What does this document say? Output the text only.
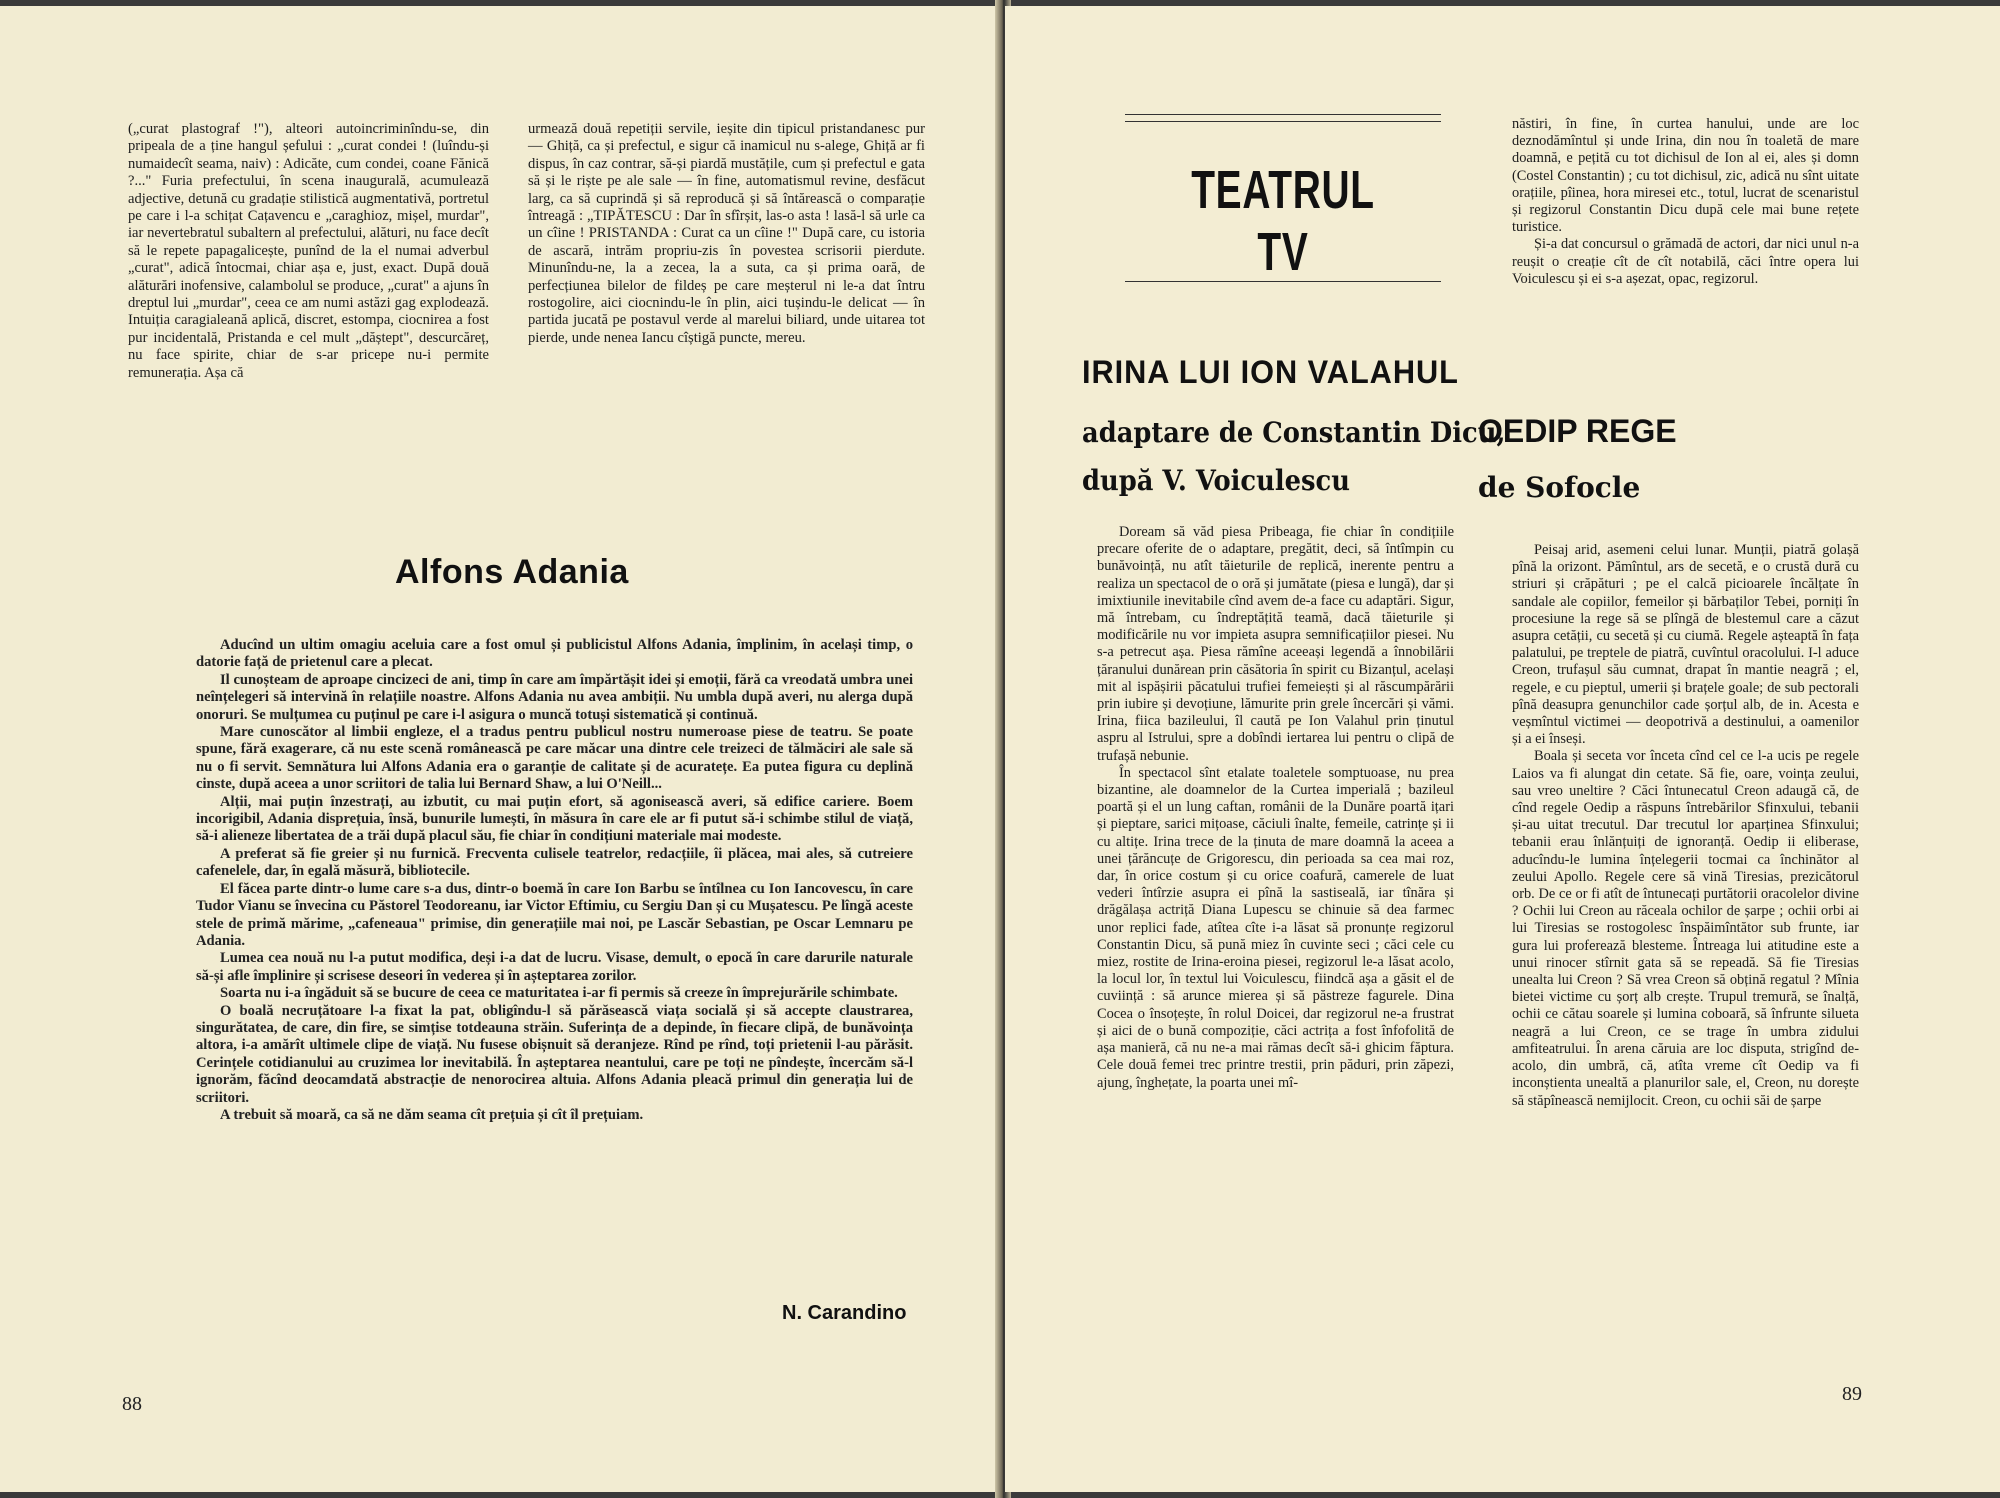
(„curat plastograf !"), alteori autoincriminîndu-se, din pripeala de a ține hangul șefului : „curat condei ! (luîndu-și numaidecît seama, naiv) : Adicăte, cum condei, coane Fănică ?..." Furia prefectului, în scena inaugurală, acumulează adjective, detună cu gradație stilistică augmentativă, portretul pe care i l-a schițat Cațavencu e „caraghioz, mișel, murdar", iar nevertebratul subaltern al prefectului, alături, nu face decît să le repete papagalicește, punînd de la el numai adverbul „curat", adică întocmai, chiar așa e, just, exact. După două alăturări inofensive, calambolul se produce, „curat" a ajuns în dreptul lui „murdar", ceea ce am numi astăzi gag explodează. Intuiția caragialeană aplică, discret, estompa, ciocnirea a fost pur incidentală, Pristanda e cel mult „dăștept", descurcăreț, nu face spirite, chiar de s-ar pricepe nu-i permite remunerația. Așa că

urmează două repetiții servile, ieșite din tipicul pristandanesc pur — Ghiță, ca și prefectul, e sigur că inamicul nu s-alege, Ghiță ar fi dispus, în caz contrar, să-și piardă mustățile, cum și prefectul e gata să și le riște pe ale sale — în fine, automatismul revine, desfăcut larg, ca să cuprindă și să reproducă și să întărească o comparație întreagă : „TIPĂTESCU : Dar în sfîrșit, las-o asta ! lasă-l să urle ca un cîine ! PRISTANDA : Curat ca un cîine !" După care, cu istoria de ascară, intrăm propriu-zis în povestea scrisorii pierdute. Minunîndu-ne, la a zecea, la a suta, ca și prima oară, de perfecțiunea bilelor de fildeș pe care meșterul ni le-a dat întru rostogolire, aici ciocnindu-le în plin, aici tușindu-le delicat — în partida jucată pe postavul verde al marelui biliard, unde uitarea tot pierde, unde nenea Iancu cîștigă puncte, mereu.

Alfons Adania

Aducînd un ultim omagiu aceluia care a fost omul și publicistul Alfons Adania, împlinim, în același timp, o datorie față de prietenul care a plecat.

Il cunoșteam de aproape cincizeci de ani, timp în care am împărtășit idei și emoții, fără ca vreodată umbra unei neînțelegeri să intervină în relațiile noastre. Alfons Adania nu avea ambiții. Nu umbla după averi, nu alerga după onoruri. Se mulțumea cu puținul pe care i-l asigura o muncă totuși sistematică și continuă.

Mare cunoscător al limbii engleze, el a tradus pentru publicul nostru numeroase piese de teatru. Se poate spune, fără exagerare, că nu este scenă românească pe care măcar una dintre cele treizeci de tălmăciri ale sale să nu o fi servit. Semnătura lui Alfons Adania era o garanție de calitate și de acuratețe. Ea putea figura cu deplină cinste, după aceea a unor scriitori de talia lui Bernard Shaw, a lui O'Neill...

Alții, mai puțin înzestrați, au izbutit, cu mai puțin efort, să agonisească averi, să edifice cariere. Boem incorigibil, Adania disprețuia, însă, bunurile lumești, în măsura în care ele ar fi putut să-i schimbe stilul de viață, să-i alieneze libertatea de a trăi după placul său, fie chiar în condițiuni materiale mai modeste.

A preferat să fie greier și nu furnică. Frecventa culisele teatrelor, redacțiile, îi plăcea, mai ales, să cutreiere cafenelele, dar, în egală măsură, bibliotecile.

El făcea parte dintr-o lume care s-a dus, dintr-o boemă în care Ion Barbu se întîlnea cu Ion Iancovescu, în care Tudor Vianu se învecina cu Păstorel Teodoreanu, iar Victor Eftimiu, cu Sergiu Dan și cu Mușatescu. Pe lîngă aceste stele de primă mărime, „cafeneaua" primise, din generațiile mai noi, pe Lascăr Sebastian, pe Oscar Lemnaru pe Adania.

Lumea cea nouă nu l-a putut modifica, deși i-a dat de lucru. Visase, demult, o epocă în care darurile naturale să-și afle împlinire și scrisese deseori în vederea și în așteptarea zorilor.

Soarta nu i-a îngăduit să se bucure de ceea ce maturitatea i-ar fi permis să creeze în împrejurările schimbate.

O boală necruțătoare l-a fixat la pat, obligîndu-l să părăsească viața socială și să accepte claustrarea, singurătatea, de care, din fire, se simțise totdeauna străin. Suferința de a depinde, în fiecare clipă, de bunăvoința altora, i-a amărît ultimele clipe de viață. Nu fusese obișnuit să deranjeze. Rînd pe rînd, toți prietenii l-au părăsit. Cerințele cotidianului au cruzimea lor inevitabilă. În așteptarea neantului, care pe toți ne pîndește, încercăm să-l ignorăm, făcînd deocamdată abstracție de nenorocirea altuia. Alfons Adania pleacă primul din generația lui de scriitori.

A trebuit să moară, ca să ne dăm seama cît prețuia și cît îl prețuiam.

N. Carandino
88
TEATRUL TV
IRINA LUI ION VALAHUL
adaptare de Constantin Dicu,
după V. Voiculescu

Doream să văd piesa Pribeaga, fie chiar în condițiile precare oferite de o adaptare, pregătit, deci, să întîmpin cu bunăvoință, nu atît tăieturile de replică, inerente pentru a realiza un spectacol de o oră și jumătate (piesa e lungă), dar și imixtiunile inevitabile cînd avem de-a face cu adaptări. Sigur, mă întrebam, cu îndreptățită teamă, dacă tăieturile și modificările nu vor impieta asupra semnificațiilor piesei. Nu s-a petrecut așa. Piesa rămîne aceeași legendă a înnobilării țăranului dunărean prin căsătoria în spirit cu Bizanțul, același mit al ispășirii păcatului trufiei femeiești și al răscumpărării prin iubire și devoțiune, lămurite prin grele încercări și vămi. Irina, fiica bazileului, îl caută pe Ion Valahul prin ținutul aspru al Istrului, spre a dobîndi iertarea lui pentru o clipă de trufașă nebunie.

În spectacol sînt etalate toaletele somptuoase, nu prea bizantine, ale doamnelor de la Curtea imperială ; bazileul poartă și el un lung caftan, românii de la Dunăre poartă ițari și pieptare, sarici mițoase, căciuli înalte, femeile, catrințe și ii cu altițe. Irina trece de la ținuta de mare doamnă la aceea a unei țărăncuțe de Grigorescu, din perioada sa cea mai roz, dar, în orice costum și cu orice coafură, camerele de luat vederi întîrzie asupra ei pînă la sastiseală, iar tînăra și drăgălașa actriță Diana Lupescu se chinuie să dea farmec unor replici fade, atîtea cîte i-a lăsat să pronunțe regizorul Constantin Dicu, să pună miez în cuvinte seci ; căci cele cu miez, rostite de Irina-eroina piesei, regizorul le-a lăsat acolo, la locul lor, în textul lui Voiculescu, fiindcă așa a găsit el de cuviință : să arunce mierea și să păstreze fagurele. Dina Cocea o însoțește, în rolul Doicei, dar regizorul ne-a frustrat și aici de o bună compoziție, căci actrița a fost înfofolită de așa manieră, că nu ne-a mai rămas decît să-i ghicim făptura. Cele două femei trec printre trestii, prin păduri, prin zăpezi, ajung, înghețate, la poarta unei mî-

năstiri, în fine, în curtea hanului, unde are loc deznodămîntul și unde Irina, din nou în toaletă de mare doamnă, e pețită cu tot dichisul de Ion al ei, ales și domn (Costel Constantin) ; cu tot dichisul, zic, adică nu sînt uitate orațiile, pîinea, hora miresei etc., totul, lucrat de scenaristul și regizorul Constantin Dicu după cele mai bune rețete turistice.

Și-a dat concursul o grămadă de actori, dar nici unul n-a reușit o creație cît de cît notabilă, căci între opera lui Voiculescu și ei s-a așezat, opac, regizorul.

OEDIP REGE
de Sofocle

Peisaj arid, asemeni celui lunar. Munții, piatră golașă pînă la orizont. Pămîntul, ars de secetă, e o crustă dură cu striuri și crăpături ; pe el calcă picioarele încălțate în sandale ale copiilor, femeilor și bărbaților Tebei, porniți în procesiune la rege să se plîngă de blestemul care a căzut asupra cetății, cu secetă și cu ciumă. Regele așteaptă în fața palatului, pe treptele de piatră, cuvîntul oracolului. I-l aduce Creon, trufașul său cumnat, drapat în mantie neagră ; el, regele, e cu pieptul, umerii și brațele goale; de sub pectorali pînă deasupra genunchilor cade șorțul alb, de in. Acesta e veșmîntul victimei — deopotrivă a destinului, a oamenilor și a ei înseși.

Boala și seceta vor înceta cînd cel ce l-a ucis pe regele Laios va fi alungat din cetate. Să fie, oare, voința zeului, sau vreo uneltire ? Căci întunecatul Creon adaugă că, de cînd regele Oedip a răspuns întrebărilor Sfinxului, tebanii și-au uitat trecutul. Dar trecutul lor aparținea Sfinxului; tebanii erau înlănțuiți de ignoranță. Oedip ii eliberase, aducîndu-le lumina înțelegerii tocmai ca închinător al zeului Apollo. Regele cere să vină Tiresias, prezicătorul orb. De ce or fi atît de întunecați purtătorii oracolelor divine ? Ochii lui Creon au răceala ochilor de șarpe ; ochii orbi ai lui Tiresias se rostogolesc înspăimîntător sub frunte, iar gura lui proferează blesteme. Întreaga lui atitudine este a unui rinocer stîrnit gata să se repeadă. Să fie Tiresias unealta lui Creon ? Să vrea Creon să obțină regatul ? Mînia bietei victime cu șorț alb crește. Trupul tremură, se înalță, ochii ce cătau soarele și lumina coboară, să înfrunte silueta neagră a lui Creon, ce se trage în umbra zidului amfiteatrului. În arena căruia are loc disputa, strigînd de-acolo, din umbră, că, atîta vreme cît Oedip va fi inconștienta unealtă a planurilor sale, el, Creon, nu dorește să stăpînească nemijlocit. Creon, cu ochii săi de șarpe

89
